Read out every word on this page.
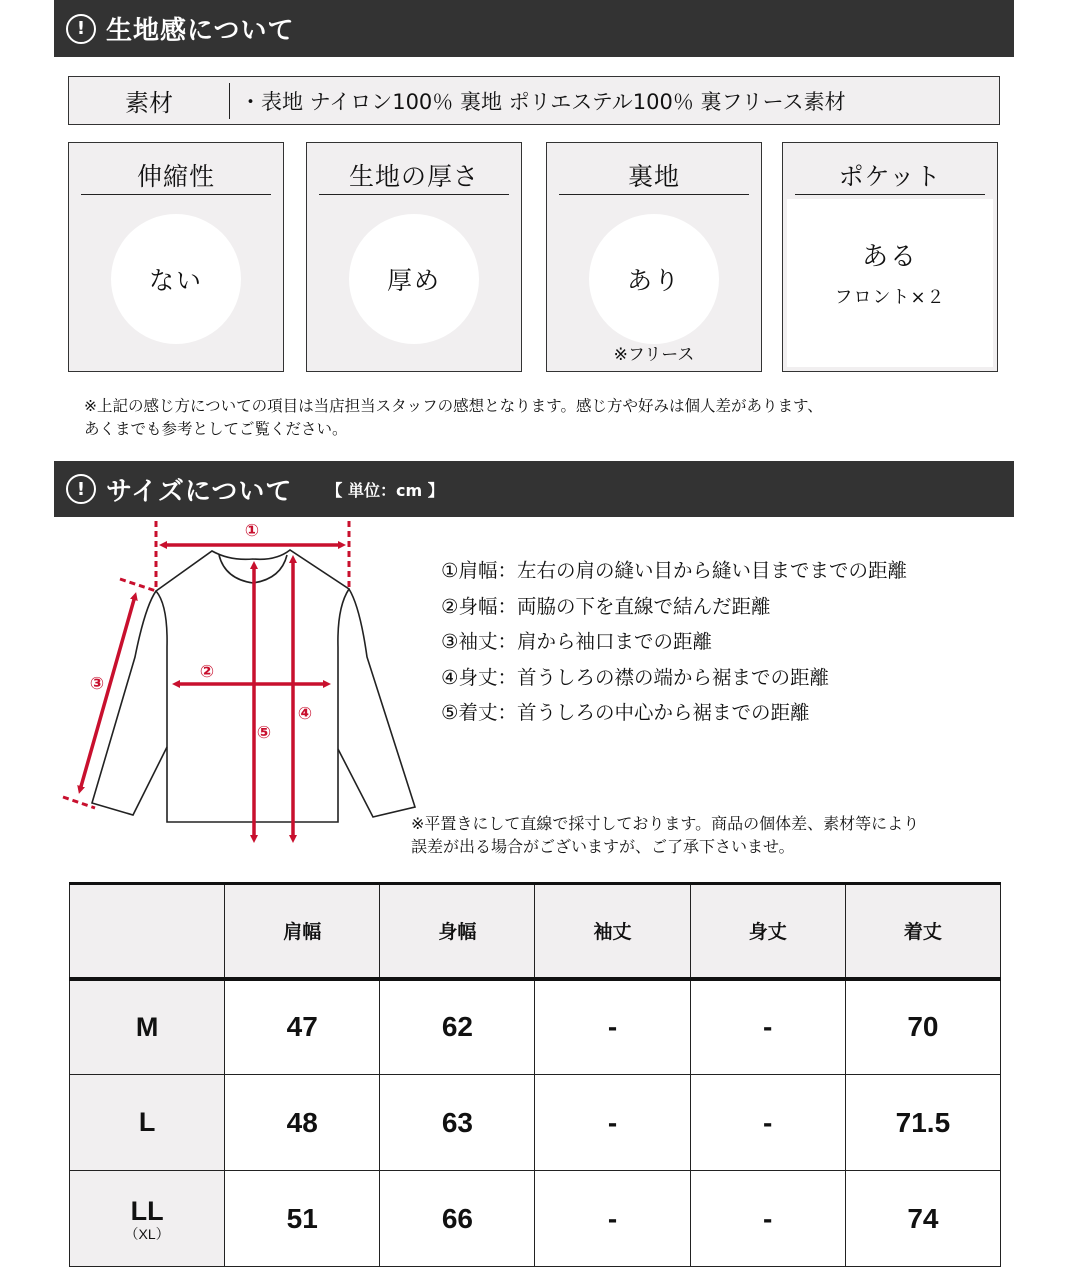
! 生地感について
素材	・表地 ナイロン100％ 裏地 ポリエステル100％ 裏フリース素材
伸縮性
ない
生地の厚さ
厚め
裏地
あり
※フリース
ポケット
ある
フロント×２
※上記の感じ方についての項目は当店担当スタッフの感想となります。感じ方や好みは個人差があります、
あくまでも参考としてご覧ください。
! サイズについて 【 単位：cm 】
①
②
③
④
⑤
①肩幅：左右の肩の縫い目から縫い目までまでの距離
②身幅：両脇の下を直線で結んだ距離
③袖丈：肩から袖口までの距離
④身丈：首うしろの襟の端から裾までの距離
⑤着丈：首うしろの中心から裾までの距離
※平置きにして直線で採寸しております。商品の個体差、素材等により
誤差が出る場合がございますが、ご了承下さいませ。
	肩幅	身幅	袖丈	身丈	着丈
M	47	62	-	-	70
L	48	63	-	-	71.5
LL
（XL）	51	66	-	-	74
